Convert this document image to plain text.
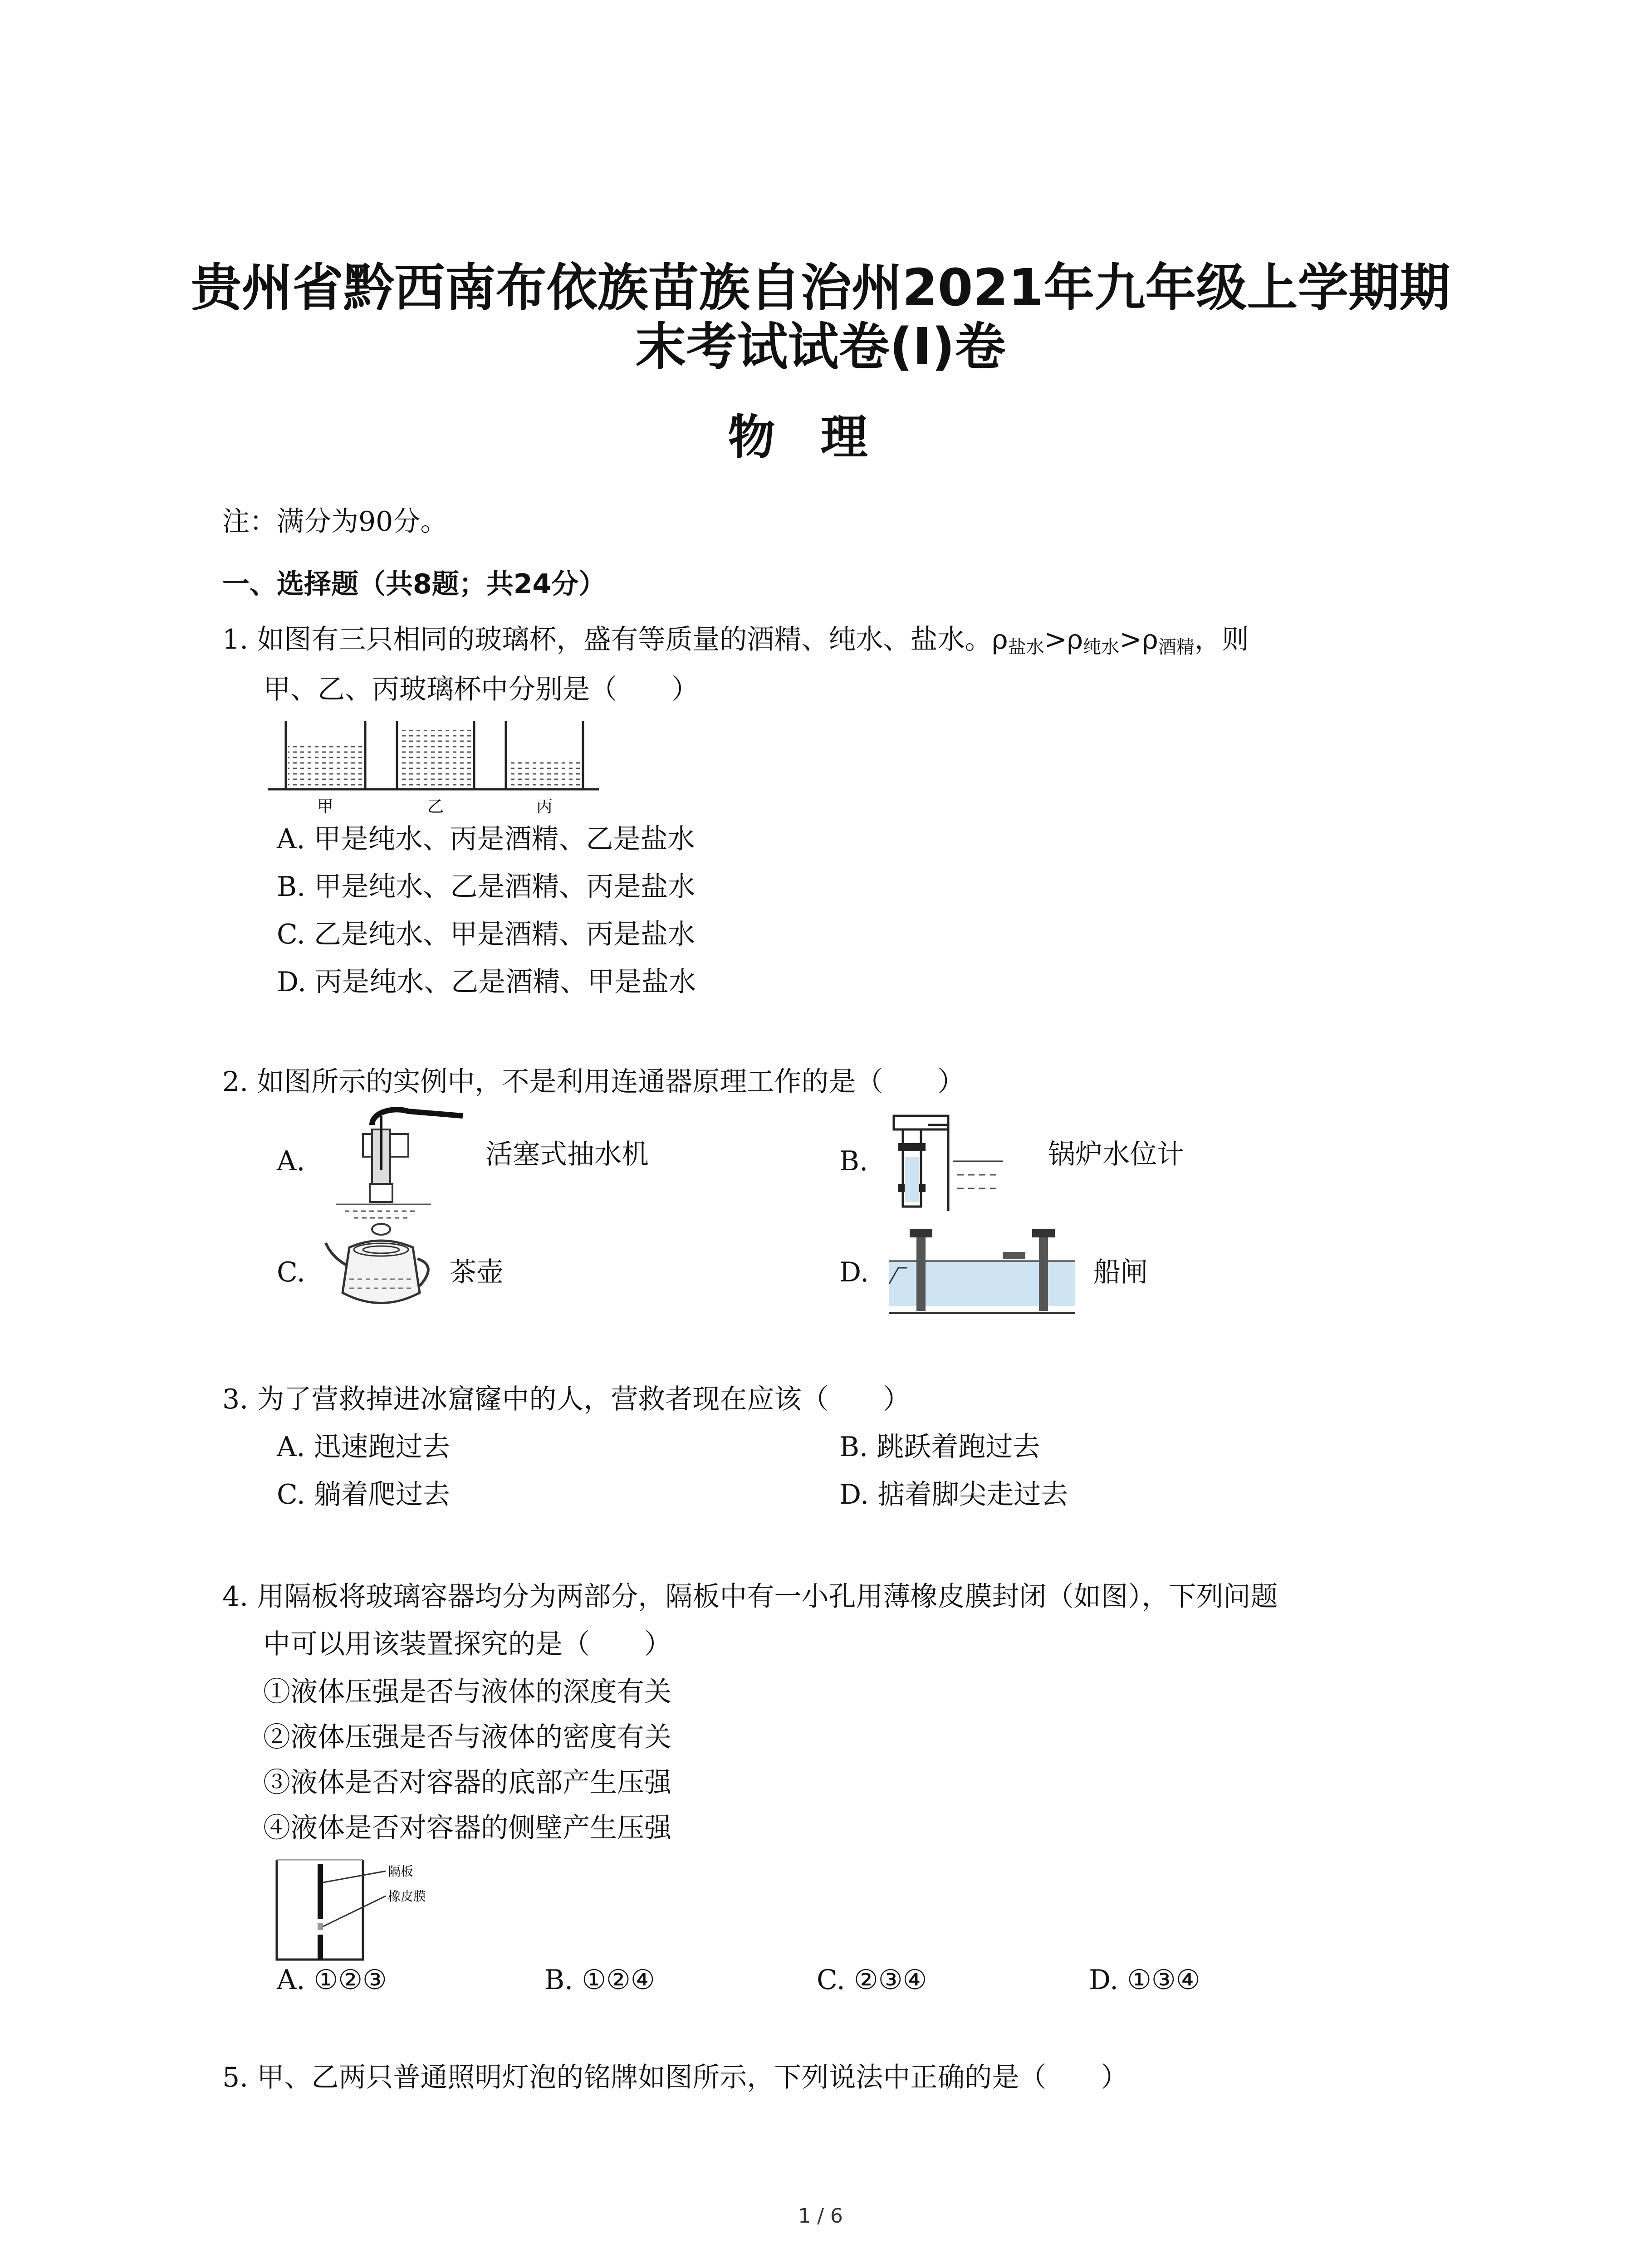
贵州省黔西南布依族苗族自治州2021年九年级上学期期
末考试试卷(I)卷
物理
注：满分为90分。
一、选择题（共8题；共24分）
1. 如图有三只相同的玻璃杯，盛有等质量的酒精、纯水、盐水。$\rho_{盐水}>\rho_{纯水}>\rho_{酒精}$，则
甲、乙、丙玻璃杯中分别是（　　）
甲	乙	丙
A. 甲是纯水、丙是酒精、乙是盐水
B. 甲是纯水、乙是酒精、丙是盐水
C. 乙是纯水、甲是酒精、丙是盐水
D. 丙是纯水、乙是酒精、甲是盐水
2. 如图所示的实例中，不是利用连通器原理工作的是（　　）
A.	活塞式抽水机	B.	锅炉水位计
C.	茶壶	D.	船闸
3. 为了营救掉进冰窟窿中的人，营救者现在应该（　　）
A. 迅速跑过去	B. 跳跃着跑过去
C. 躺着爬过去	D. 掂着脚尖走过去
4. 用隔板将玻璃容器均分为两部分，隔板中有一小孔用薄橡皮膜封闭（如图），下列问题
中可以用该装置探究的是（　　）
①液体压强是否与液体的深度有关
②液体压强是否与液体的密度有关
③液体是否对容器的底部产生压强
④液体是否对容器的侧壁产生压强
隔板
橡皮膜
A. ①②③	B. ①②④	C. ②③④	D. ①③④
5. 甲、乙两只普通照明灯泡的铭牌如图所示，下列说法中正确的是（　　）
1 / 6
